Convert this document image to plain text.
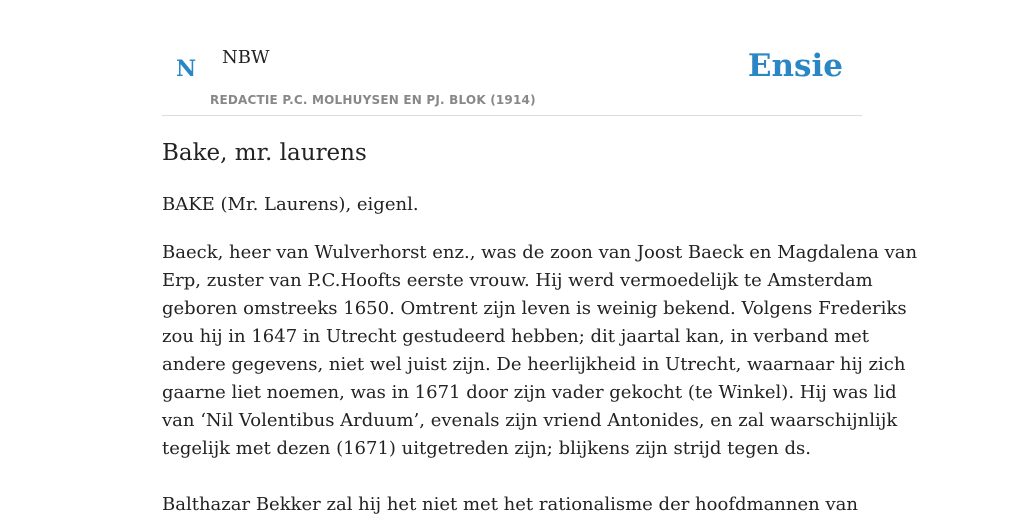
N NBW
REDACTIE P.C. MOLHUYSEN EN PJ. BLOK (1914)
Ensie
Bake, mr. laurens

BAKE (Mr. Laurens), eigenl.

Baeck, heer van Wulverhorst enz., was de zoon van Joost Baeck en Magdalena van
Erp, zuster van P.C.Hoofts eerste vrouw. Hij werd vermoedelijk te Amsterdam
geboren omstreeks 1650. Omtrent zijn leven is weinig bekend. Volgens Frederiks
zou hij in 1647 in Utrecht gestudeerd hebben; dit jaartal kan, in verband met
andere gegevens, niet wel juist zijn. De heerlijkheid in Utrecht, waarnaar hij zich
gaarne liet noemen, was in 1671 door zijn vader gekocht (te Winkel). Hij was lid
van ‘Nil Volentibus Arduum’, evenals zijn vriend Antonides, en zal waarschijnlijk
tegelijk met dezen (1671) uitgetreden zijn; blijkens zijn strijd tegen ds.
Balthazar Bekker zal hij het niet met het rationalisme der hoofdmannen van
